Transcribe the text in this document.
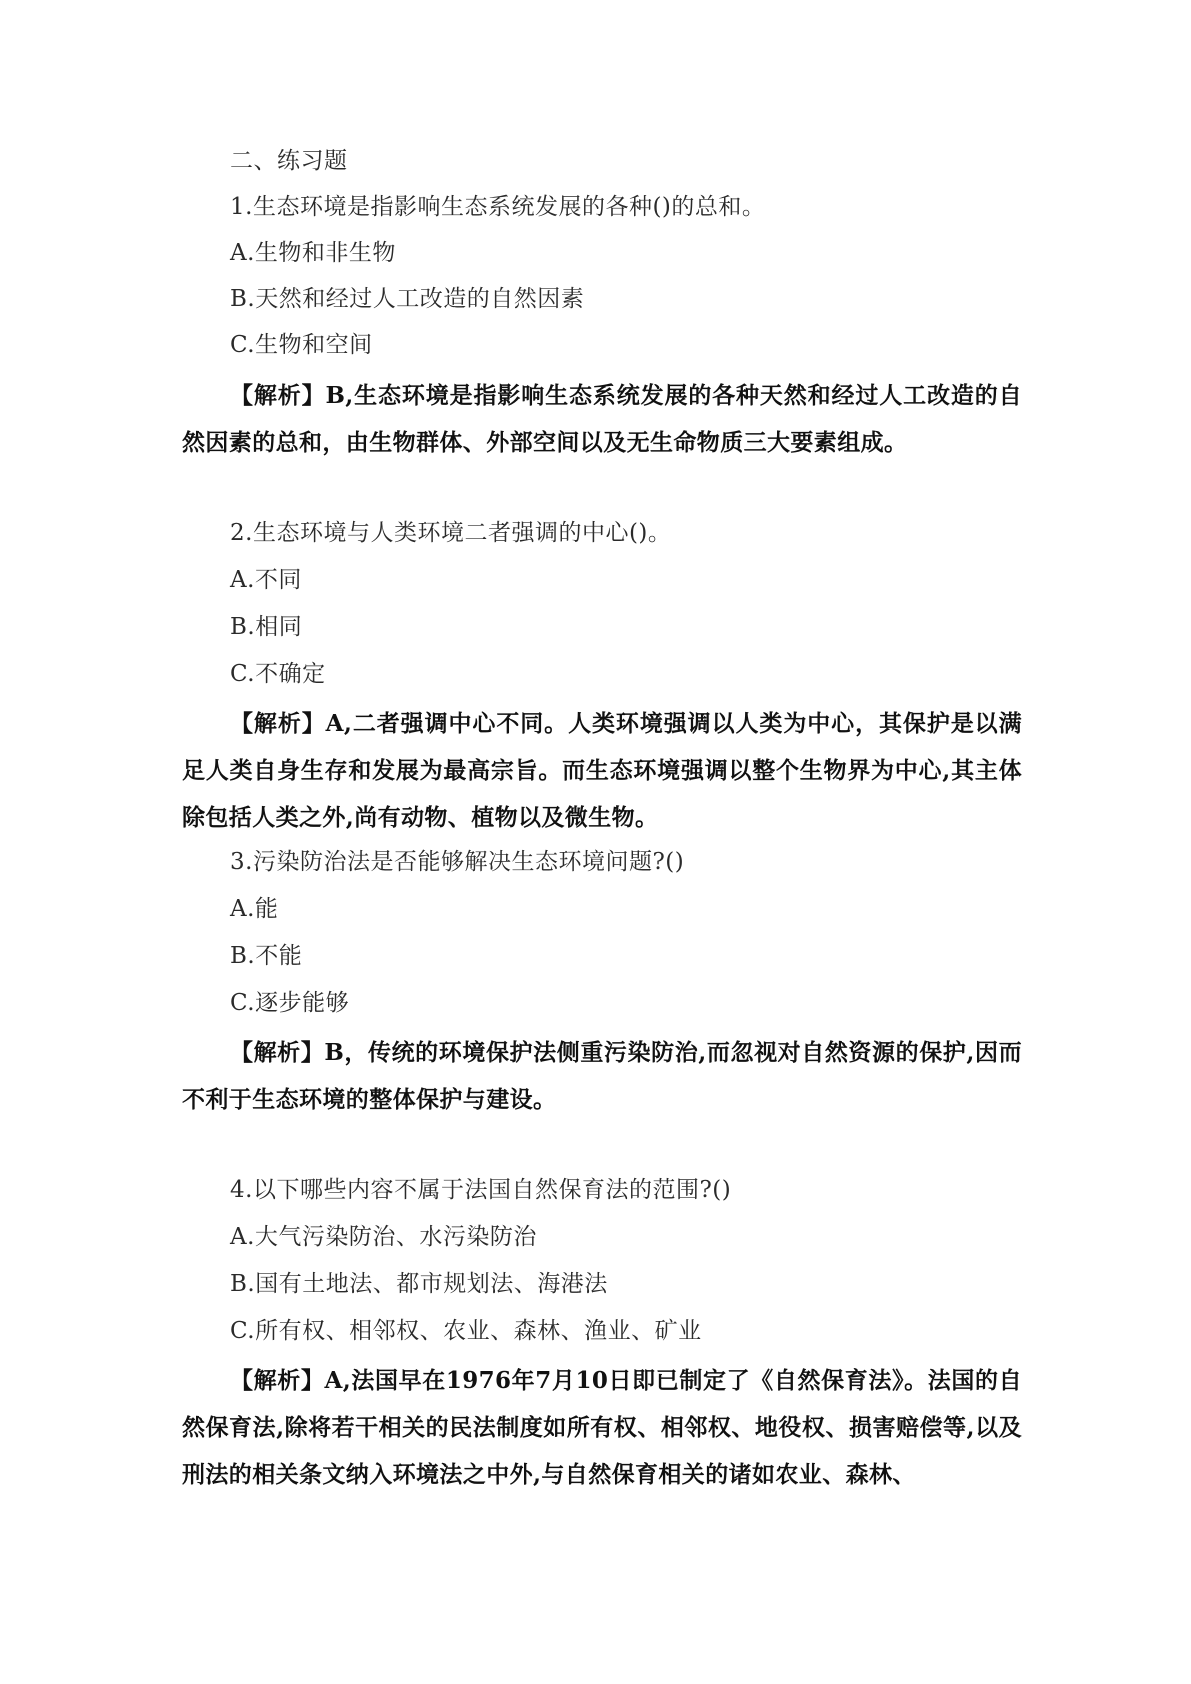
二、练习题
1.生态环境是指影响生态系统发展的各种()的总和。
A.生物和非生物
B.天然和经过人工改造的自然因素
C.生物和空间
【解析】B,生态环境是指影响生态系统发展的各种天然和经过人工改造的自然因素的总和，由生物群体、外部空间以及无生命物质三大要素组成。
2.生态环境与人类环境二者强调的中心()。
A.不同
B.相同
C.不确定
【解析】A,二者强调中心不同。人类环境强调以人类为中心，其保护是以满足人类自身生存和发展为最高宗旨。而生态环境强调以整个生物界为中心,其主体除包括人类之外,尚有动物、植物以及微生物。
3.污染防治法是否能够解决生态环境问题?()
A.能
B.不能
C.逐步能够
【解析】B，传统的环境保护法侧重污染防治,而忽视对自然资源的保护,因而不利于生态环境的整体保护与建设。
4.以下哪些内容不属于法国自然保育法的范围?()
A.大气污染防治、水污染防治
B.国有土地法、都市规划法、海港法
C.所有权、相邻权、农业、森林、渔业、矿业
【解析】A,法国早在1976年7月10日即已制定了《自然保育法》。法国的自然保育法,除将若干相关的民法制度如所有权、相邻权、地役权、损害赔偿等,以及刑法的相关条文纳入环境法之中外,与自然保育相关的诸如农业、森林、
